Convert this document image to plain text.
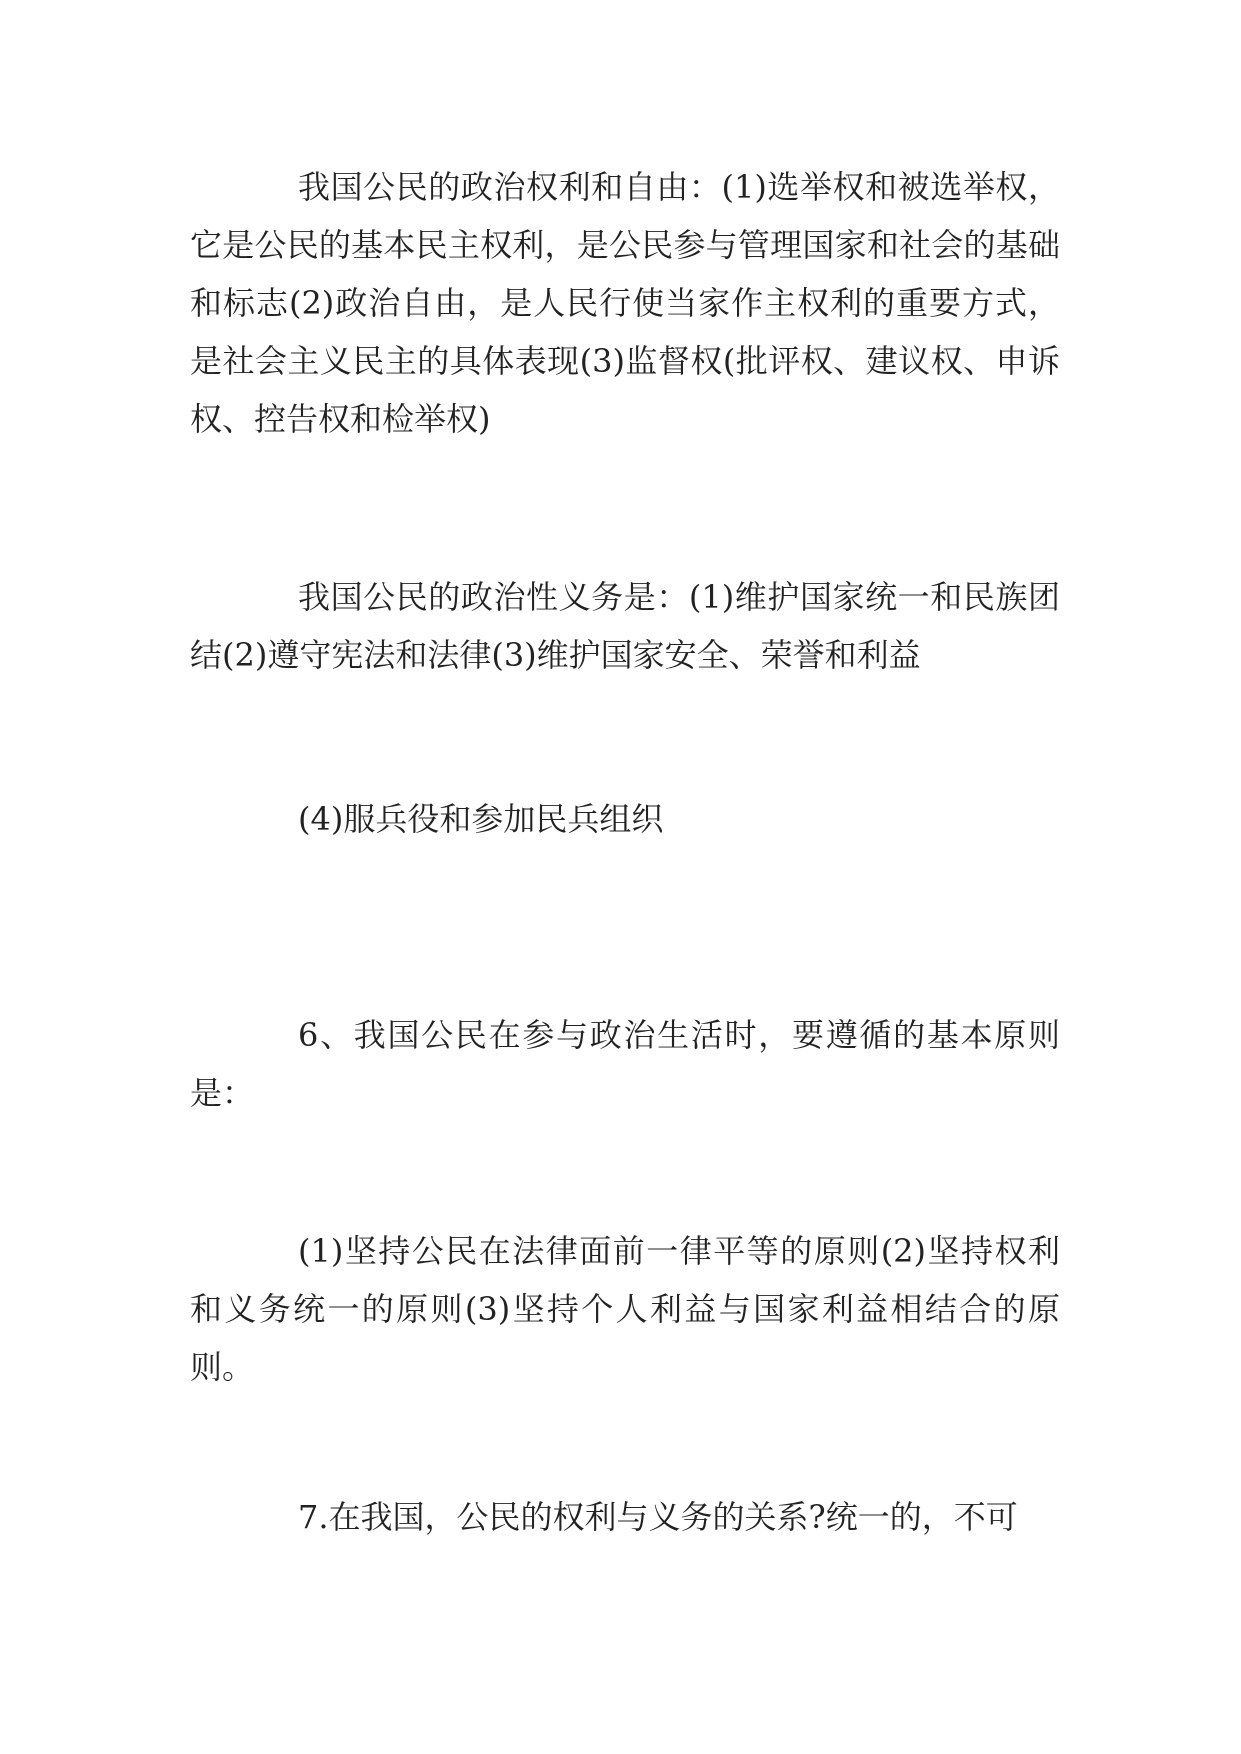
我国公民的政治权利和自由：(1)选举权和被选举权，它是公民的基本民主权利，是公民参与管理国家和社会的基础和标志(2)政治自由，是人民行使当家作主权利的重要方式，是社会主义民主的具体表现(3)监督权(批评权、建议权、申诉权、控告权和检举权)

我国公民的政治性义务是：(1)维护国家统一和民族团结(2)遵守宪法和法律(3)维护国家安全、荣誉和利益

(4)服兵役和参加民兵组织

6、我国公民在参与政治生活时，要遵循的基本原则是：

(1)坚持公民在法律面前一律平等的原则(2)坚持权利和义务统一的原则(3)坚持个人利益与国家利益相结合的原则。

7.在我国，公民的权利与义务的关系?统一的，不可
